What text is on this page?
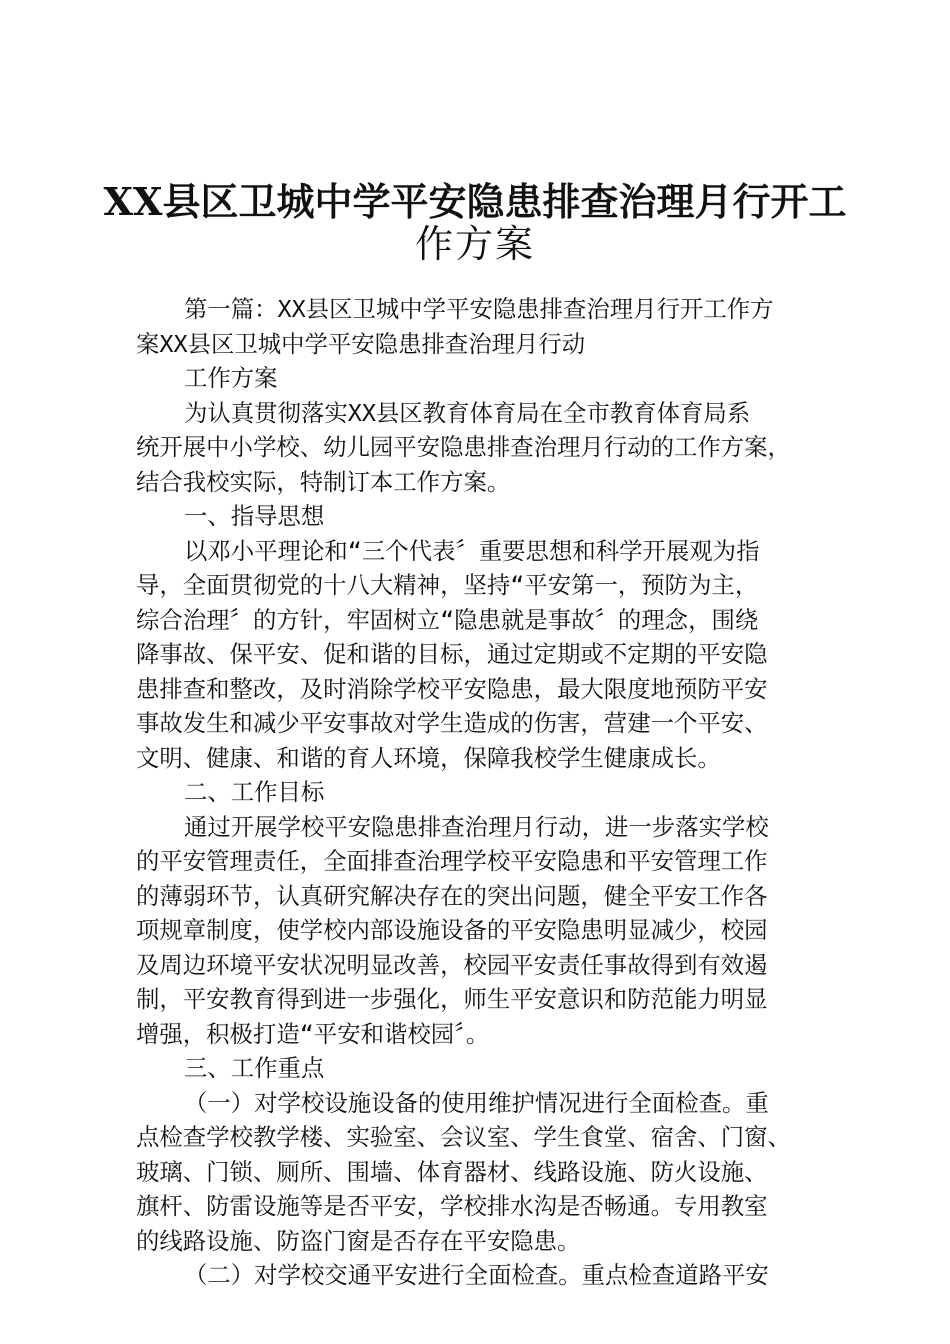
XX县区卫城中学平安隐患排查治理月行开工
作方案
第一篇：XX县区卫城中学平安隐患排查治理月行开工作方
案XX县区卫城中学平安隐患排查治理月行动
工作方案
为认真贯彻落实XX县区教育体育局在全市教育体育局系
统开展中小学校、幼儿园平安隐患排查治理月行动的工作方案，
结合我校实际，特制订本工作方案。
一、指导思想
以邓小平理论和“三个代表〞重要思想和科学开展观为指
导，全面贯彻党的十八大精神，坚持“平安第一，预防为主，
综合治理〞的方针，牢固树立“隐患就是事故〞的理念，围绕
降事故、保平安、促和谐的目标，通过定期或不定期的平安隐
患排查和整改，及时消除学校平安隐患，最大限度地预防平安
事故发生和减少平安事故对学生造成的伤害，营建一个平安、
文明、健康、和谐的育人环境，保障我校学生健康成长。
二、工作目标
通过开展学校平安隐患排查治理月行动，进一步落实学校
的平安管理责任，全面排查治理学校平安隐患和平安管理工作
的薄弱环节，认真研究解决存在的突出问题，健全平安工作各
项规章制度，使学校内部设施设备的平安隐患明显减少，校园
及周边环境平安状况明显改善，校园平安责任事故得到有效遏
制，平安教育得到进一步强化，师生平安意识和防范能力明显
增强，积极打造“平安和谐校园〞。
三、工作重点
（一）对学校设施设备的使用维护情况进行全面检查。重
点检查学校教学楼、实验室、会议室、学生食堂、宿舍、门窗、
玻璃、门锁、厕所、围墙、体育器材、线路设施、防火设施、
旗杆、防雷设施等是否平安，学校排水沟是否畅通。专用教室
的线路设施、防盗门窗是否存在平安隐患。
（二）对学校交通平安进行全面检查。重点检查道路平安
